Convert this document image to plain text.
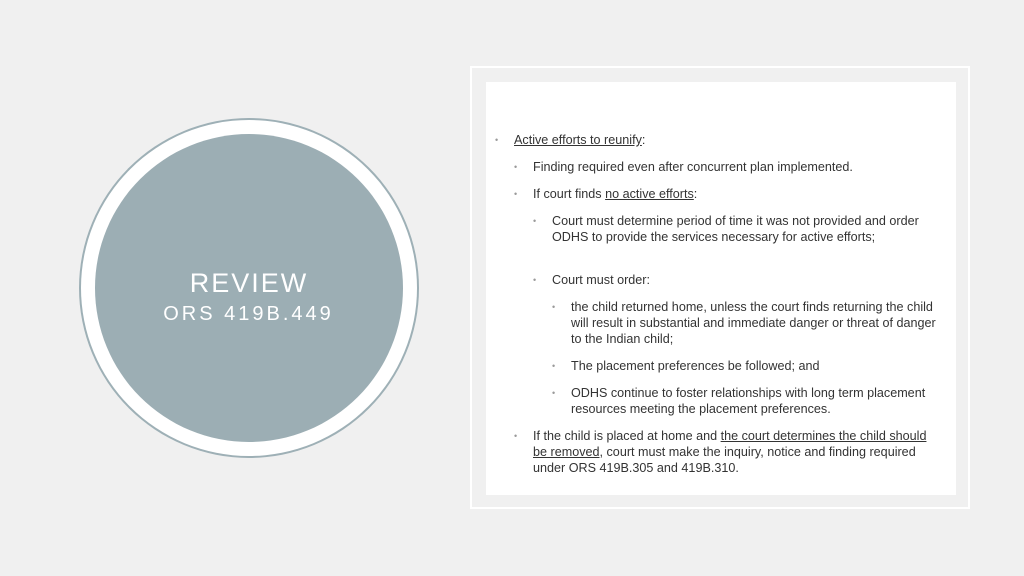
REVIEW
ORS 419B.449
• Active efforts to reunify:
• Finding required even after concurrent plan implemented.
• If court finds no active efforts:
• Court must determine period of time it was not provided and order ODHS to provide the services necessary for active efforts;
• Court must order:
• the child returned home, unless the court finds returning the child will result in substantial and immediate danger or threat of danger to the Indian child;
• The placement preferences be followed; and
• ODHS continue to foster relationships with long term placement resources meeting the placement preferences.
• If the child is placed at home and the court determines the child should be removed, court must make the inquiry, notice and finding required under ORS 419B.305 and 419B.310.
